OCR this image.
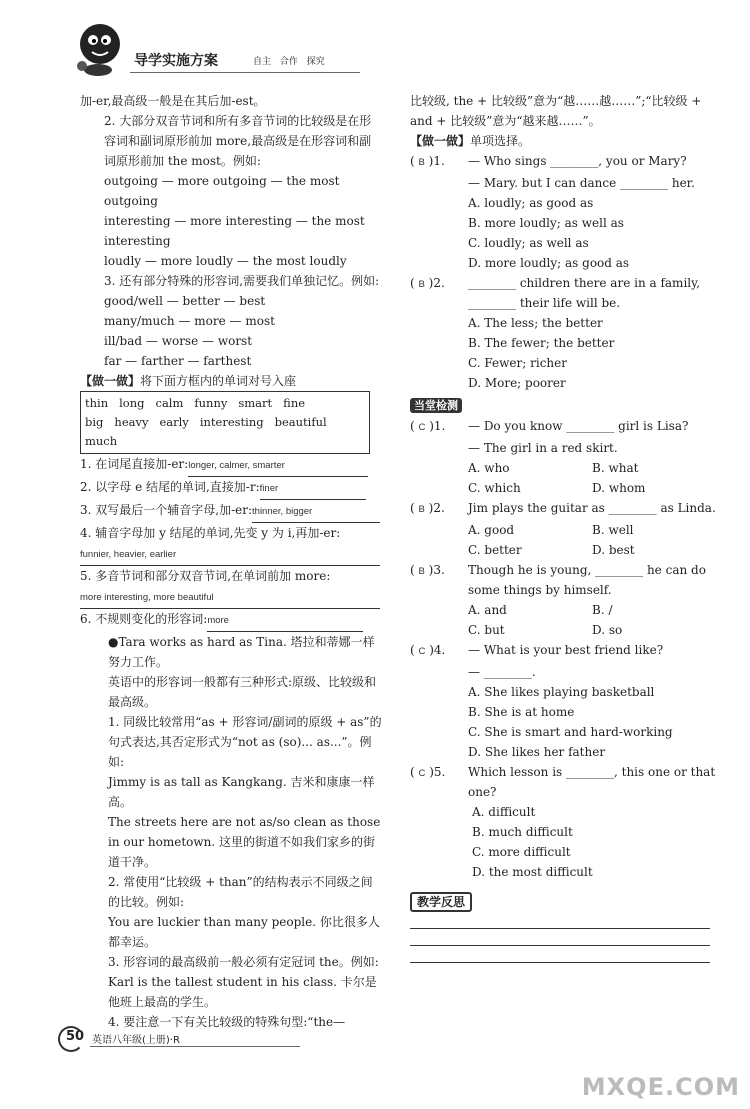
导学实施方案	自主 合作 探究

加-er,最高级一般是在其后加-est。

2. 大部分双音节词和所有多音节词的比较级是在形容词和副词原形前加 more,最高级是在形容词和副词原形前加 the most。例如:

outgoing — more outgoing — the most outgoing

interesting — more interesting — the most interesting

loudly — more loudly — the most loudly

3. 还有部分特殊的形容词,需要我们单独记忆。例如:

good/well — better — best

many/much — more — most

ill/bad — worse — worst

far — farther — farthest

【做一做】将下面方框内的单词对号入座

thin long calm funny smart fine
big heavy early interesting beautifulmuch

1. 在词尾直接加-er:longer, calmer, smarter

2. 以字母 e 结尾的单词,直接加-r:finer

3. 双写最后一个辅音字母,加-er:thinner, bigger

4. 辅音字母加 y 结尾的单词,先变 y 为 i,再加-er:
funnier, heavier, earlier

5. 多音节词和部分双音节词,在单词前加 more:
more interesting, more beautiful

6. 不规则变化的形容词:more

●Tara works as hard as Tina. 塔拉和蒂娜一样努力工作。

英语中的形容词一般都有三种形式:原级、比较级和最高级。

1. 同级比较常用“as + 形容词/副词的原级 + as”的句式表达,其否定形式为“not as (so)... as...”。例如:

Jimmy is as tall as Kangkang. 吉米和康康一样高。

The streets here are not as/so clean as those in our hometown. 这里的街道不如我们家乡的街道干净。

2. 常使用“比较级 + than”的结构表示不同级之间的比较。例如:

You are luckier than many people. 你比很多人都幸运。

3. 形容词的最高级前一般必须有定冠词 the。例如:

Karl is the tallest student in his class. 卡尔是他班上最高的学生。

4. 要注意一下有关比较级的特殊句型:“the—

比较级, the + 比较级”意为“越……越……”;“比较级 + and + 比较级”意为“越来越……”。

【做一做】单项选择。

( B )1.	— Who sings ________, you or Mary?

— Mary. but I can dance ________ her.

A. loudly; as good as

B. more loudly; as well as

C. loudly; as well as

D. more loudly; as good as

( B )2.	________ children there are in a family, ________ their life will be.

A. The less; the better

B. The fewer; the better

C. Fewer; richer

D. More; poorer

当堂检测

( C )1.	— Do you know ________ girl is Lisa?

— The girl in a red skirt.

A. who	B. what
C. which	D. whom
( B )2.	Jim plays the guitar as ________ as Linda.
A. good	B. well
C. better	D. best
( B )3.	Though he is young, ________ he can do some things by himself.
A. and	B. /
C. but	D. so
( C )4.	— What is your best friend like?

— ________.

A. She likes playing basketball

B. She is at home

C. She is smart and hard-working

D. She likes her father

( C )5.	Which lesson is ________, this one or that one?

A. difficult

B. much difficult

C. more difficult

D. the most difficult

教学反思

50 英语八年级(上册)·R
MXQE.COM
